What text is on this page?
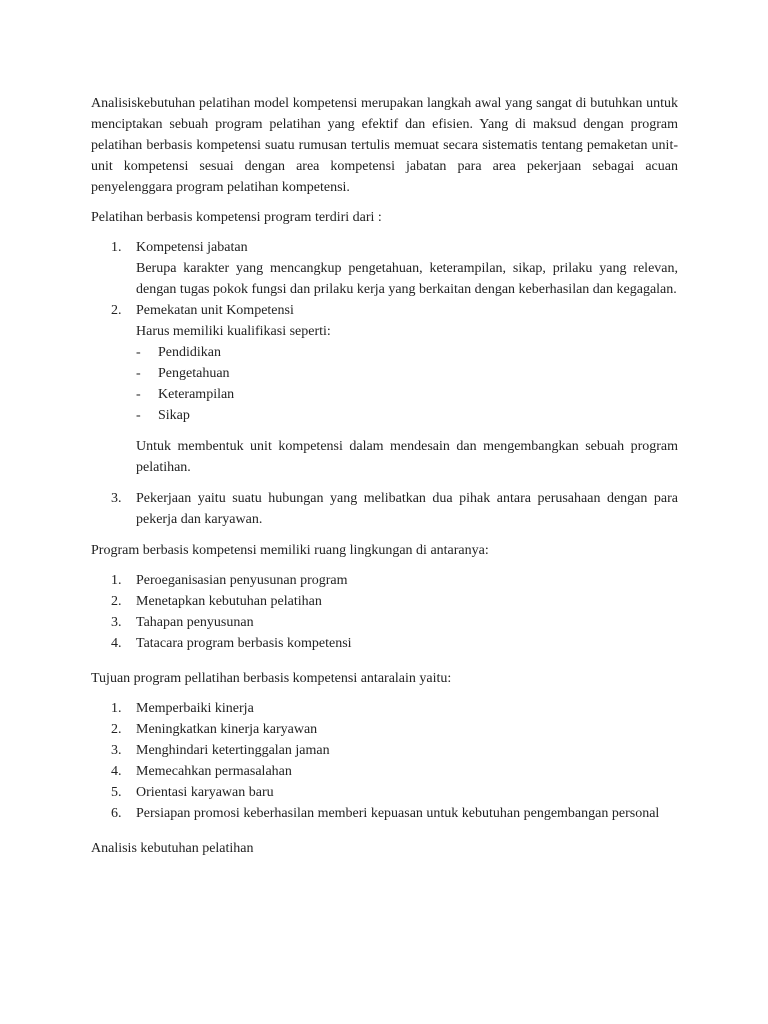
Analisiskebutuhan pelatihan model kompetensi merupakan langkah awal yang sangat di butuhkan untuk menciptakan sebuah program pelatihan yang efektif dan efisien. Yang di maksud dengan program pelatihan berbasis kompetensi suatu rumusan tertulis memuat secara sistematis tentang pemaketan unit-unit kompetensi sesuai dengan area kompetensi jabatan para area pekerjaan sebagai acuan penyelenggara program pelatihan kompetensi.

Pelatihan berbasis kompetensi program terdiri dari :

1. Kompetensi jabatan
Berupa karakter yang mencangkup pengetahuan, keterampilan, sikap, prilaku yang relevan, dengan tugas pokok fungsi dan prilaku kerja yang berkaitan dengan keberhasilan dan kegagalan.
2. Pemekatan unit Kompetensi
Harus memiliki kualifikasi seperti:
- Pendidikan
- Pengetahuan
- Keterampilan
- Sikap

Untuk membentuk unit kompetensi dalam mendesain dan mengembangkan sebuah program pelatihan.

3. Pekerjaan yaitu suatu hubungan yang melibatkan dua pihak antara perusahaan dengan para pekerja dan karyawan.

Program berbasis kompetensi memiliki ruang lingkungan di antaranya:

1. Peroeganisasian penyusunan program
2. Menetapkan kebutuhan pelatihan
3. Tahapan penyusunan
4. Tatacara program berbasis kompetensi

Tujuan program pellatihan berbasis kompetensi antaralain yaitu:

1. Memperbaiki kinerja
2. Meningkatkan kinerja karyawan
3. Menghindari ketertinggalan jaman
4. Memecahkan permasalahan
5. Orientasi karyawan baru
6. Persiapan promosi keberhasilan memberi kepuasan untuk kebutuhan pengembangan personal

Analisis kebutuhan pelatihan
